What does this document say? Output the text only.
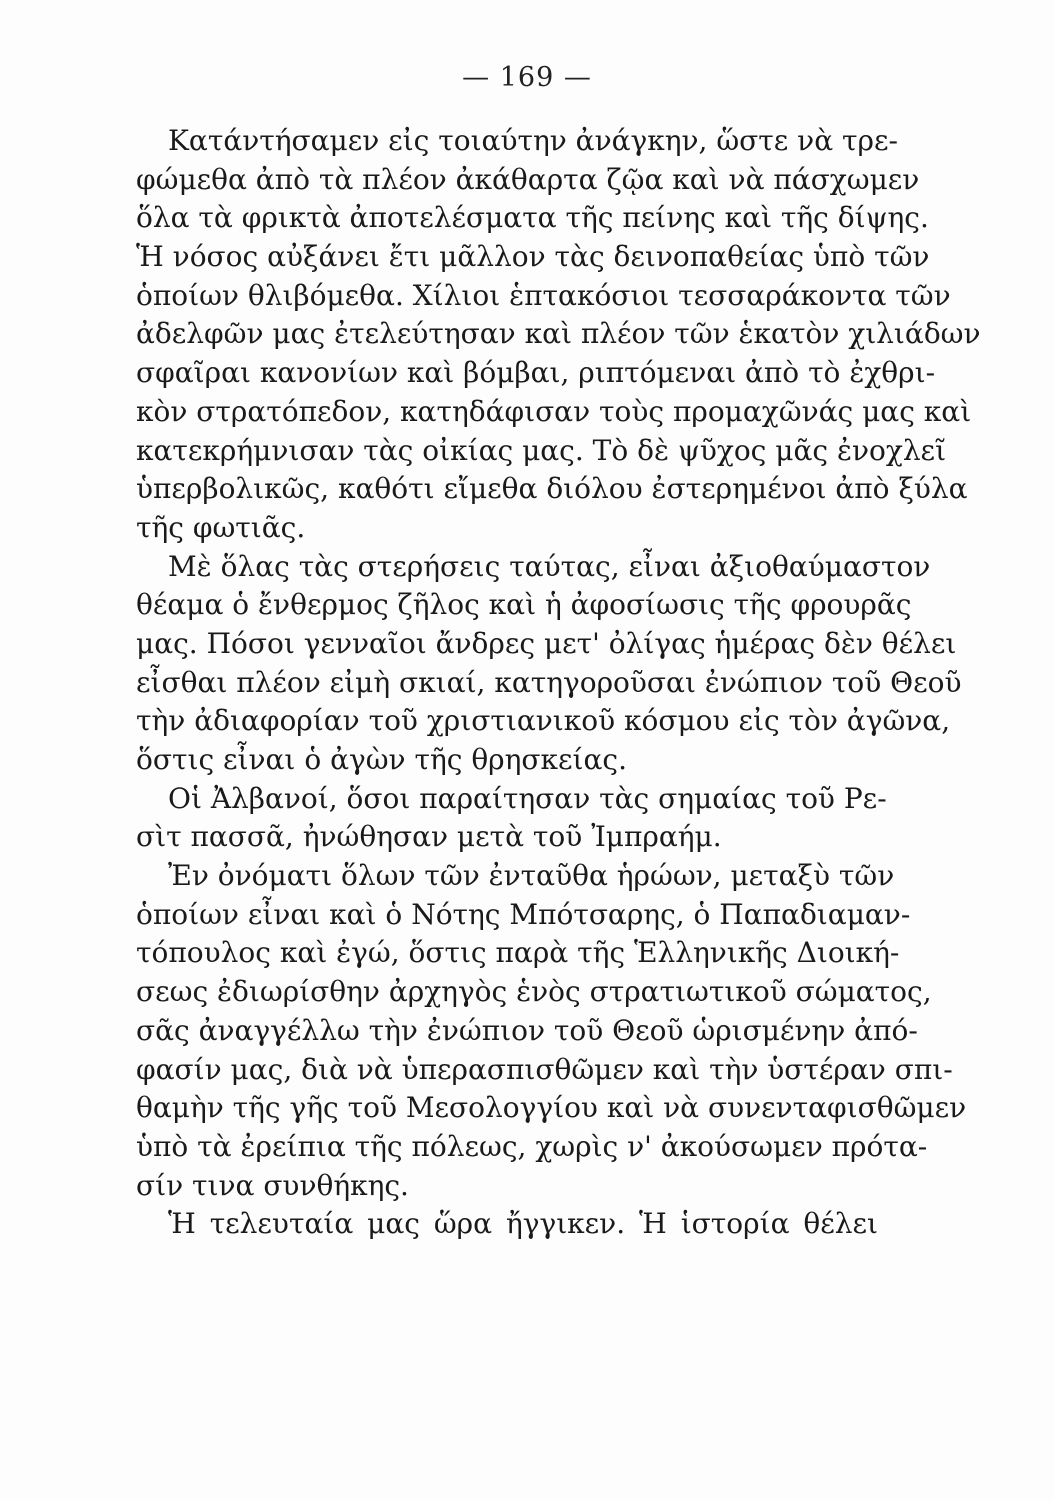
— 169 —
Κατάντήσαμεν εἰς τοιαύτην ἀνάγκην, ὥστε νὰ τρε-
φώμεθα ἀπὸ τὰ πλέον ἀκάθαρτα ζῷα καὶ νὰ πάσχωμεν
ὅλα τὰ φρικτὰ ἀποτελέσματα τῆς πείνης καὶ τῆς δίψης.
Ἡ νόσος αὐξάνει ἔτι μᾶλλον τὰς δεινοπαθείας ὑπὸ τῶν
ὁποίων θλιβόμεθα. Χίλιοι ἑπτακόσιοι τεσσαράκοντα τῶν
ἀδελφῶν μας ἐτελεύτησαν καὶ πλέον τῶν ἑκατὸν χιλιάδων
σφαῖραι κανονίων καὶ βόμβαι, ριπτόμεναι ἀπὸ τὸ ἐχθρι-
κὸν στρατόπεδον, κατηδάφισαν τοὺς προμαχῶνάς μας καὶ
κατεκρήμνισαν τὰς οἰκίας μας. Τὸ δὲ ψῦχος μᾶς ἐνοχλεῖ
ὑπερβολικῶς, καθότι εἴμεθα διόλου ἐστερημένοι ἀπὸ ξύλα
τῆς φωτιᾶς.
Μὲ ὅλας τὰς στερήσεις ταύτας, εἶναι ἀξιοθαύμαστον
θέαμα ὁ ἔνθερμος ζῆλος καὶ ἡ ἀφοσίωσις τῆς φρουρᾶς
μας. Πόσοι γενναῖοι ἄνδρες μετ' ὀλίγας ἡμέρας δὲν θέλει
εἶσθαι πλέον εἰμὴ σκιαί, κατηγοροῦσαι ἐνώπιον τοῦ Θεοῦ
τὴν ἀδιαφορίαν τοῦ χριστιανικοῦ κόσμου εἰς τὸν ἀγῶνα,
ὅστις εἶναι ὁ ἀγὼν τῆς θρησκείας.
Οἱ Ἀλβανοί, ὅσοι παραίτησαν τὰς σημαίας τοῦ Ρε-
σὶτ πασσᾶ, ἠνώθησαν μετὰ τοῦ Ἰμπραήμ.
Ἐν ὀνόματι ὅλων τῶν ἐνταῦθα ἡρώων, μεταξὺ τῶν
ὁποίων εἶναι καὶ ὁ Νότης Μπότσαρης, ὁ Παπαδιαμαν-
τόπουλος καὶ ἐγώ, ὅστις παρὰ τῆς Ἑλληνικῆς Διοική-
σεως ἐδιωρίσθην ἀρχηγὸς ἑνὸς στρατιωτικοῦ σώματος,
σᾶς ἀναγγέλλω τὴν ἐνώπιον τοῦ Θεοῦ ὡρισμένην ἀπό-
φασίν μας, διὰ νὰ ὑπερασπισθῶμεν καὶ τὴν ὑστέραν σπι-
θαμὴν τῆς γῆς τοῦ Μεσολογγίου καὶ νὰ συνενταφισθῶμεν
ὑπὸ τὰ ἐρείπια τῆς πόλεως, χωρὶς ν' ἀκούσωμεν πρότα-
σίν τινα συνθήκης.
Ἡ τελευταία μας ὥρα ἤγγικεν. Ἡ ἱστορία θέλει
